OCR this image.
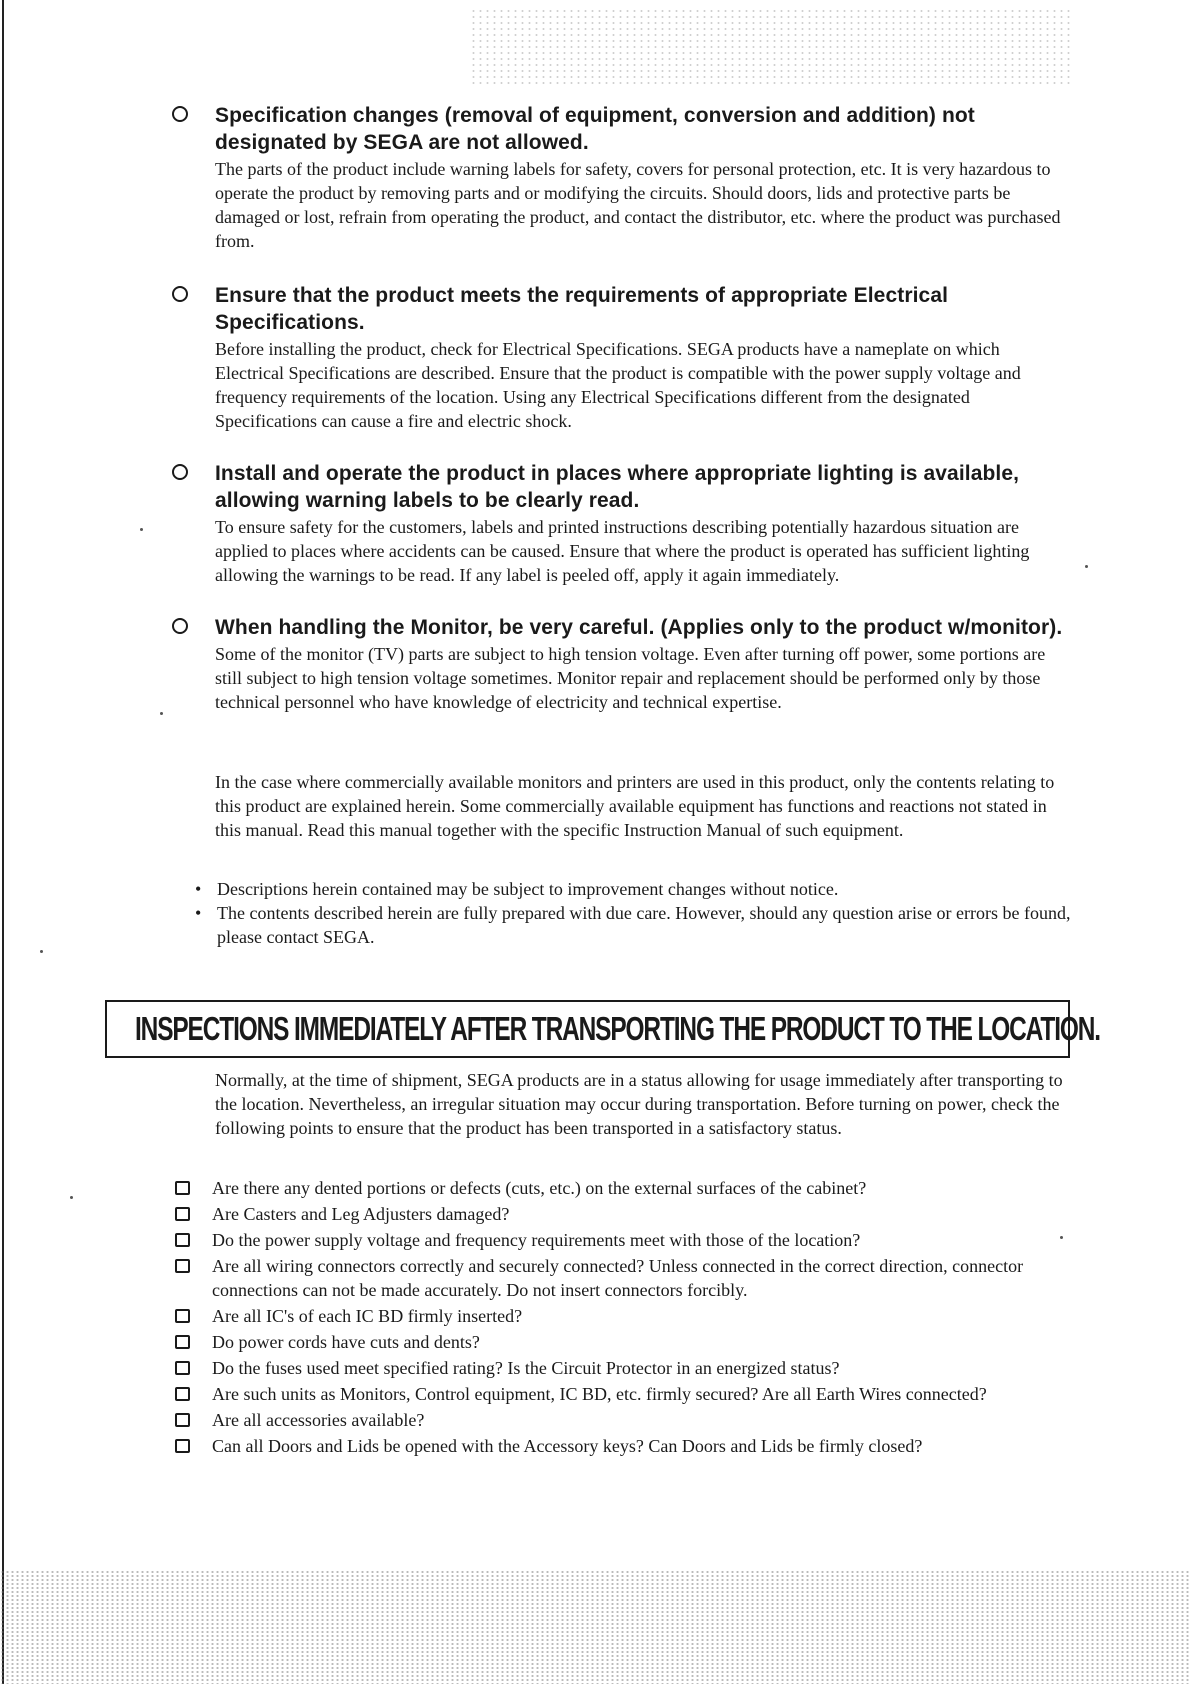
Specification changes (removal of equipment, conversion and addition) not designated by SEGA are not allowed.
The parts of the product include warning labels for safety, covers for personal protection, etc. It is very hazardous to operate the product by removing parts and or modifying the circuits. Should doors, lids and protective parts be damaged or lost, refrain from operating the product, and contact the distributor, etc. where the product was purchased from.
Ensure that the product meets the requirements of appropriate Electrical Specifications.
Before installing the product, check for Electrical Specifications. SEGA products have a nameplate on which Electrical Specifications are described. Ensure that the product is compatible with the power supply voltage and frequency requirements of the location. Using any Electrical Specifications different from the designated Specifications can cause a fire and electric shock.
Install and operate the product in places where appropriate lighting is available, allowing warning labels to be clearly read.
To ensure safety for the customers, labels and printed instructions describing potentially hazardous situation are applied to places where accidents can be caused. Ensure that where the product is operated has sufficient lighting allowing the warnings to be read. If any label is peeled off, apply it again immediately.
When handling the Monitor, be very careful. (Applies only to the product w/monitor).
Some of the monitor (TV) parts are subject to high tension voltage. Even after turning off power, some portions are still subject to high tension voltage sometimes. Monitor repair and replacement should be performed only by those technical personnel who have knowledge of electricity and technical expertise.
In the case where commercially available monitors and printers are used in this product, only the contents relating to this product are explained herein. Some commercially available equipment has functions and reactions not stated in this manual. Read this manual together with the specific Instruction Manual of such equipment.
• Descriptions herein contained may be subject to improvement changes without notice.
• The contents described herein are fully prepared with due care. However, should any question arise or errors be found, please contact SEGA.
INSPECTIONS IMMEDIATELY AFTER TRANSPORTING THE PRODUCT TO THE LOCATION.
Normally, at the time of shipment, SEGA products are in a status allowing for usage immediately after transporting to the location. Nevertheless, an irregular situation may occur during transportation. Before turning on power, check the following points to ensure that the product has been transported in a satisfactory status.
Are there any dented portions or defects (cuts, etc.) on the external surfaces of the cabinet?
Are Casters and Leg Adjusters damaged?
Do the power supply voltage and frequency requirements meet with those of the location?
Are all wiring connectors correctly and securely connected? Unless connected in the correct direction, connector connections can not be made accurately. Do not insert connectors forcibly.
Are all IC's of each IC BD firmly inserted?
Do power cords have cuts and dents?
Do the fuses used meet specified rating? Is the Circuit Protector in an energized status?
Are such units as Monitors, Control equipment, IC BD, etc. firmly secured? Are all Earth Wires connected?
Are all accessories available?
Can all Doors and Lids be opened with the Accessory keys? Can Doors and Lids be firmly closed?
